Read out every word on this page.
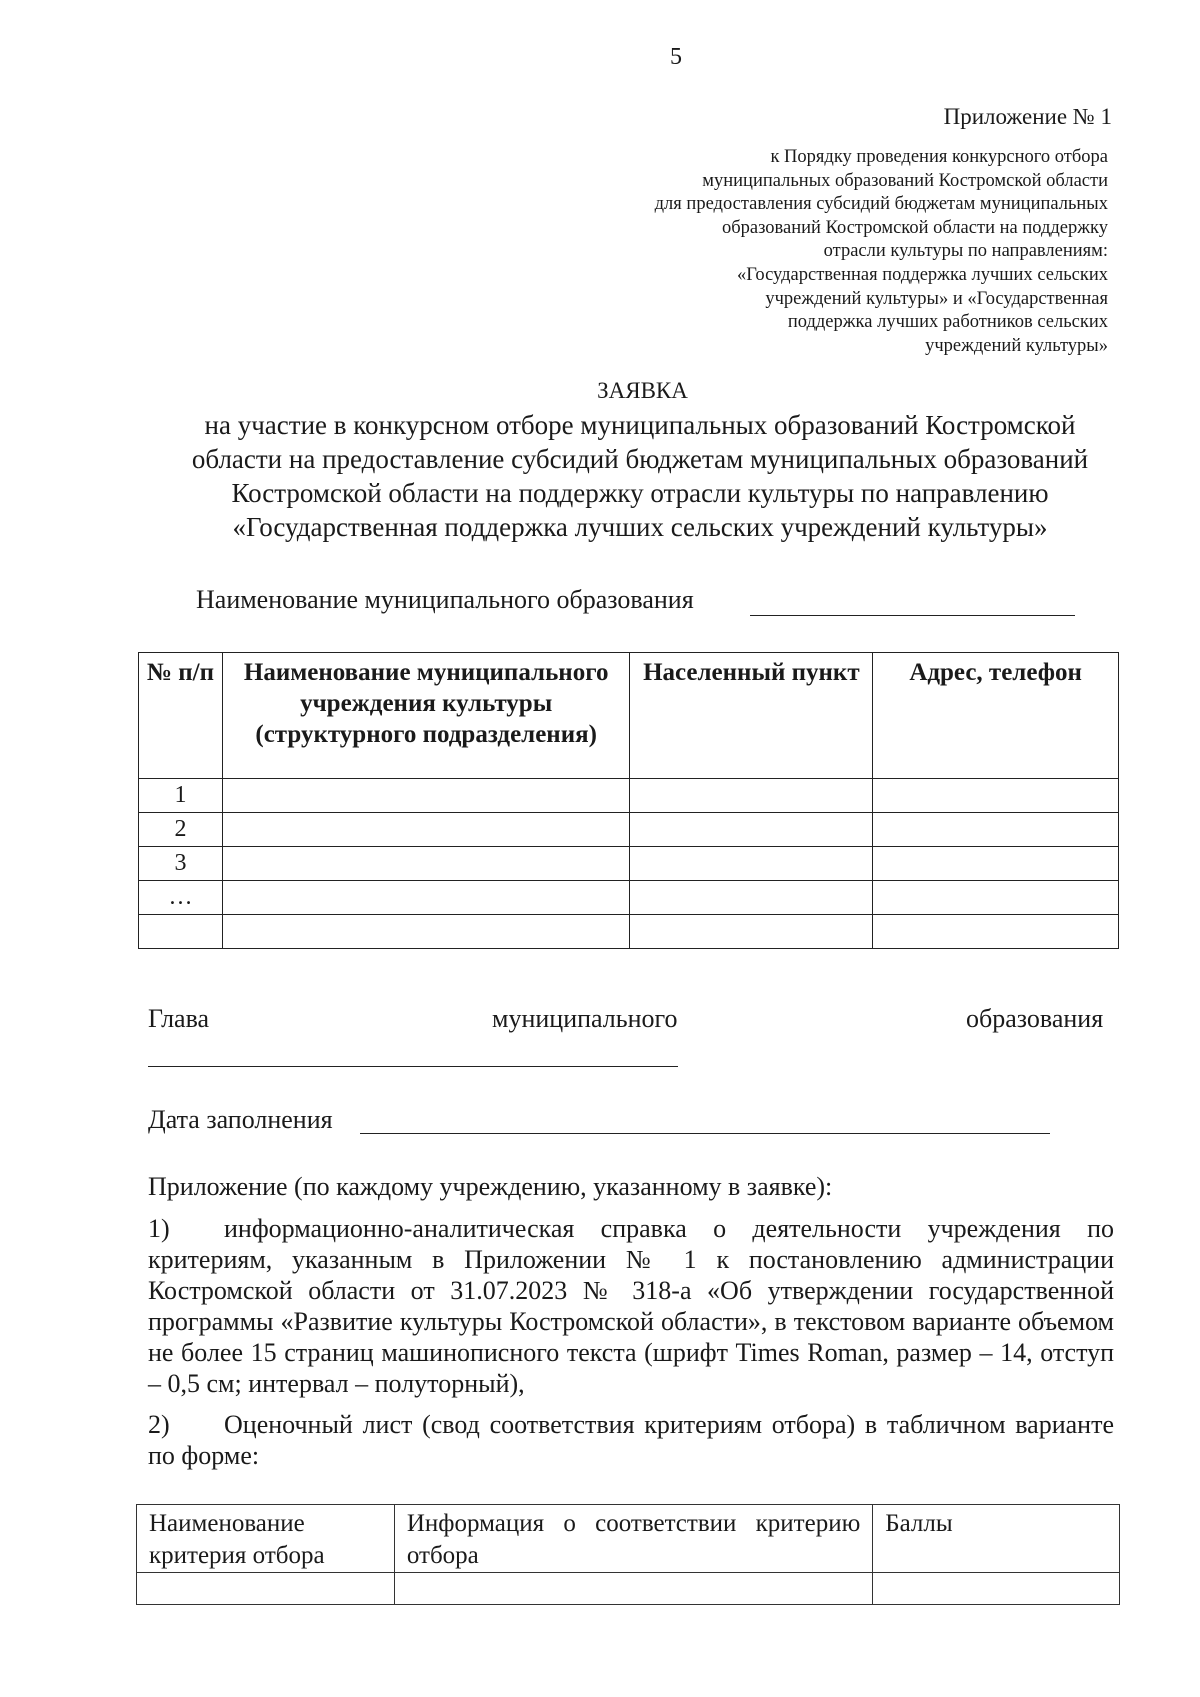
5
Приложение № 1
к Порядку проведения конкурсного отбора
муниципальных образований Костромской области
для предоставления субсидий бюджетам муниципальных
образований Костромской области на поддержку
отрасли культуры по направлениям:
«Государственная поддержка лучших сельских
учреждений культуры» и «Государственная
поддержка лучших работников сельских
учреждений культуры»
ЗАЯВКА
на участие в конкурсном отборе муниципальных образований Костромской
области на предоставление субсидий бюджетам муниципальных образований
Костромской области на поддержку отрасли культуры по направлению
«Государственная поддержка лучших сельских учреждений культуры»
Наименование муниципального образования
№ п/п	Наименование муниципального учреждения культуры (структурного подразделения)	Населенный пункт	Адрес, телефон
1			
2			
3			
…			

Глава	муниципального	образования
Дата заполнения
Приложение (по каждому учреждению, указанному в заявке):
1) информационно-аналитическая справка о деятельности учреждения по критериям, указанным в Приложении № 1 к постановлению администрации Костромской области от 31.07.2023 № 318-а «Об утверждении государственной программы «Развитие культуры Костромской области», в текстовом варианте объемом не более 15 страниц машинописного текста (шрифт Times Roman, размер – 14, отступ – 0,5 см; интервал – полуторный),
2) Оценочный лист (свод соответствия критериям отбора) в табличном варианте по форме:
Наименование критерия отбора	Информация о соответствии критерию отбора	Баллы
